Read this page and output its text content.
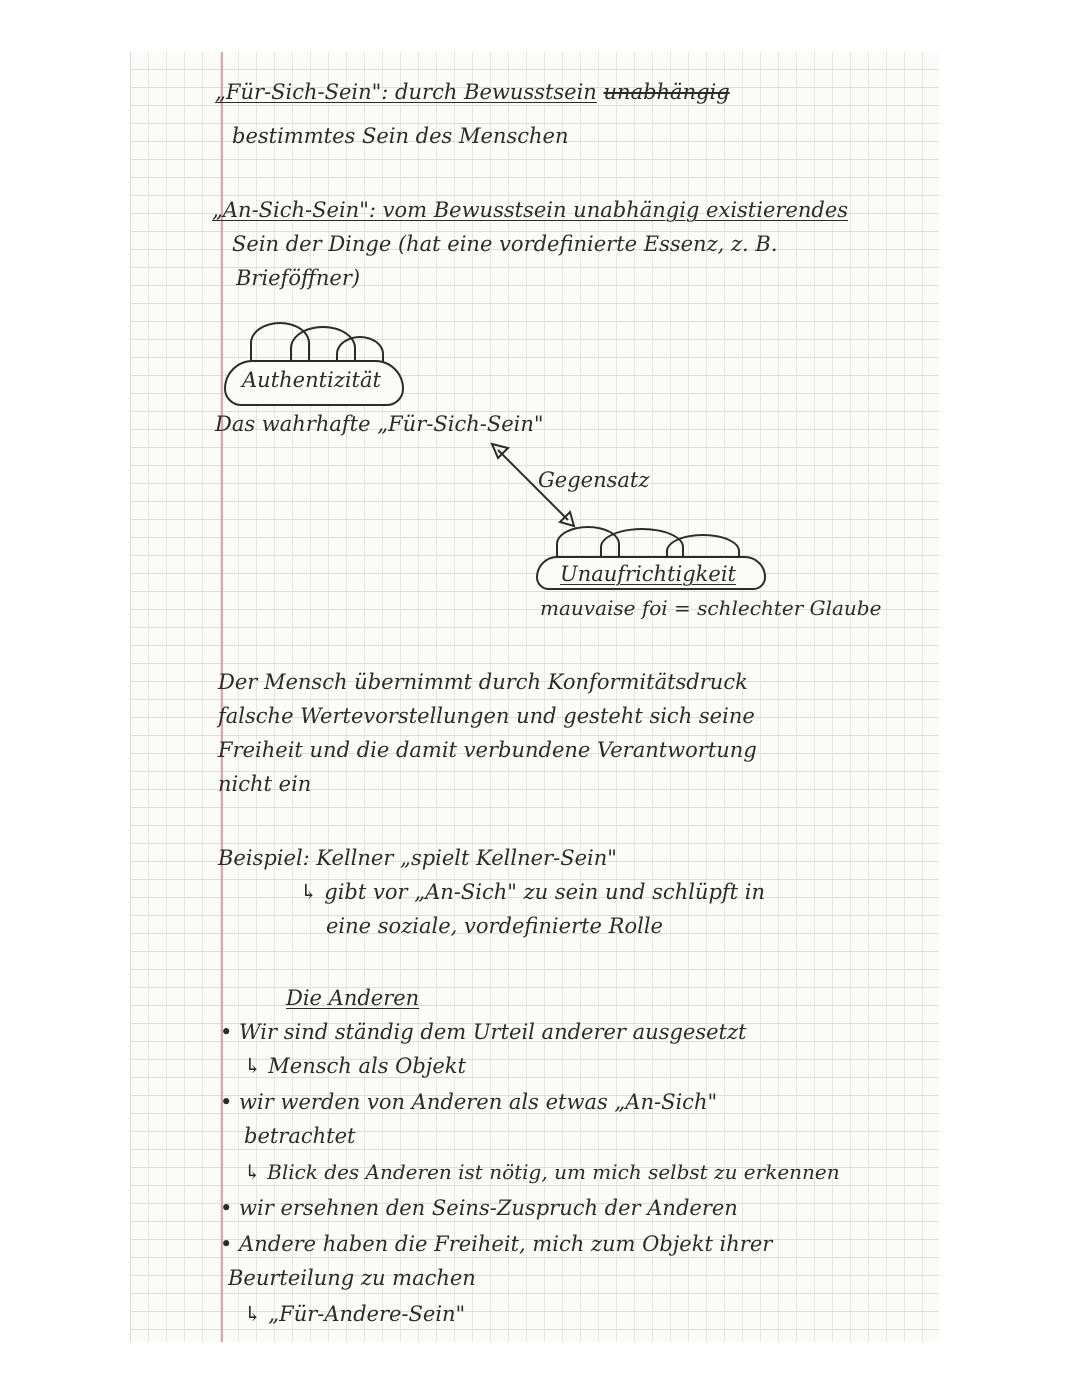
„Für-Sich-Sein": durch Bewusstsein unabhängig
bestimmtes Sein des Menschen
„An-Sich-Sein": vom Bewusstsein unabhängig existierendes
Sein der Dinge (hat eine vordefinierte Essenz, z. B.
Brieföffner)
Authentizität
Das wahrhafte „Für-Sich-Sein"
Gegensatz
Unaufrichtigkeit
mauvaise foi = schlechter Glaube
Der Mensch übernimmt durch Konformitätsdruck
falsche Wertevorstellungen und gesteht sich seine
Freiheit und die damit verbundene Verantwortung
nicht ein
Beispiel: Kellner „spielt Kellner-Sein"
↳ gibt vor „An-Sich" zu sein und schlüpft in
eine soziale, vordefinierte Rolle
Die Anderen
• Wir sind ständig dem Urteil anderer ausgesetzt
↳ Mensch als Objekt
• wir werden von Anderen als etwas „An-Sich"
betrachtet
↳ Blick des Anderen ist nötig, um mich selbst zu erkennen
• wir ersehnen den Seins-Zuspruch der Anderen
• Andere haben die Freiheit, mich zum Objekt ihrer
Beurteilung zu machen
↳ „Für-Andere-Sein"
